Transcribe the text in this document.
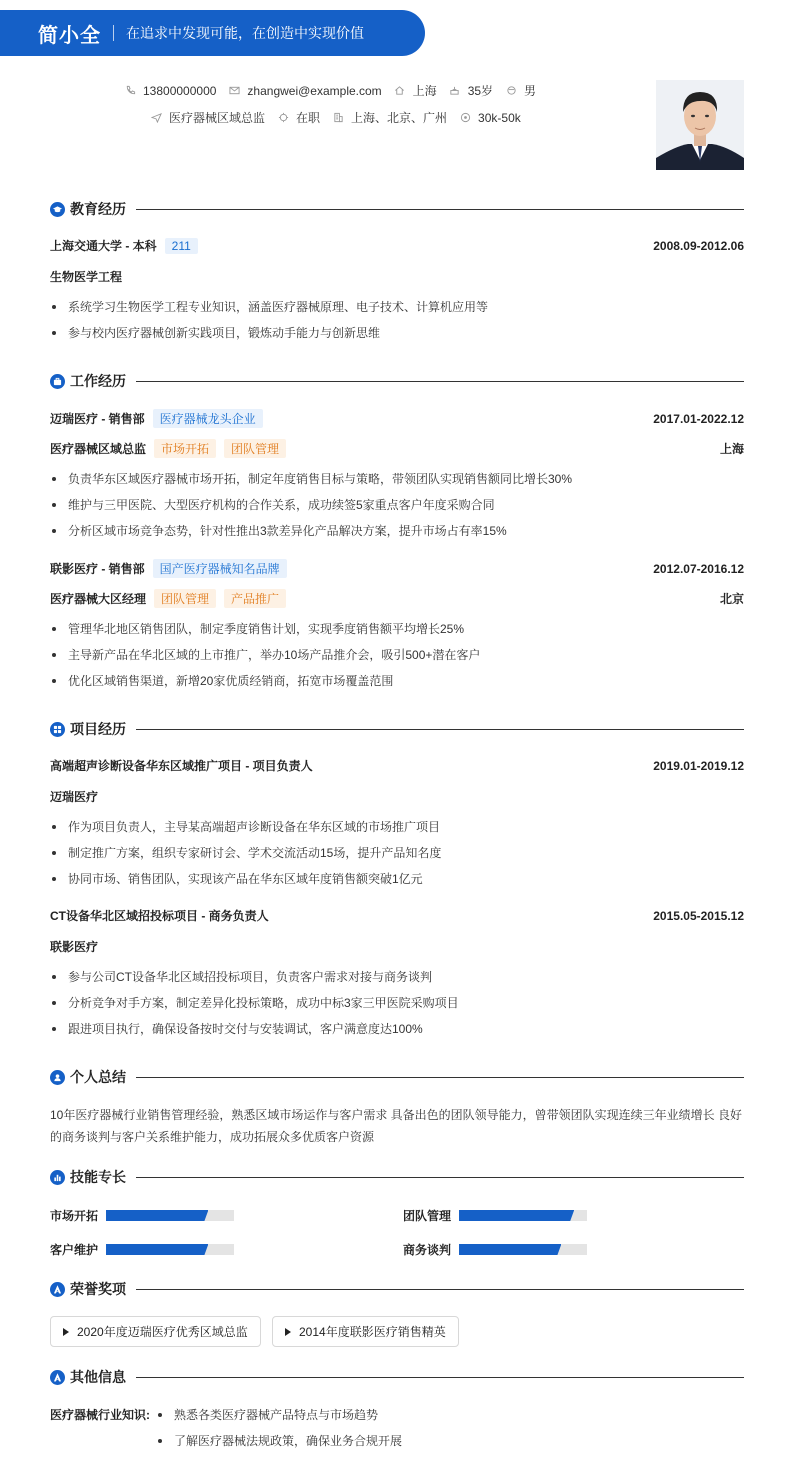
简小全 在追求中发现可能，在创造中实现价值
13800000000	zhangwei@example.com	上海	35岁	男
医疗器械区域总监	在职	上海、北京、广州	30k-50k
教育经历
上海交通大学 - 本科	211	2008.09-2012.06
生物医学工程
系统学习生物医学工程专业知识，涵盖医疗器械原理、电子技术、计算机应用等
参与校内医疗器械创新实践项目，锻炼动手能力与创新思维
工作经历
迈瑞医疗 - 销售部	医疗器械龙头企业	2017.01-2022.12
医疗器械区域总监	市场开拓	团队管理	上海
负责华东区域医疗器械市场开拓，制定年度销售目标与策略，带领团队实现销售额同比增长30%
维护与三甲医院、大型医疗机构的合作关系，成功续签5家重点客户年度采购合同
分析区域市场竞争态势，针对性推出3款差异化产品解决方案，提升市场占有率15%
联影医疗 - 销售部	国产医疗器械知名品牌	2012.07-2016.12
医疗器械大区经理	团队管理	产品推广	北京
管理华北地区销售团队，制定季度销售计划，实现季度销售额平均增长25%
主导新产品在华北区域的上市推广，举办10场产品推介会，吸引500+潜在客户
优化区域销售渠道，新增20家优质经销商，拓宽市场覆盖范围
项目经历
高端超声诊断设备华东区域推广项目 - 项目负责人	2019.01-2019.12
迈瑞医疗
作为项目负责人，主导某高端超声诊断设备在华东区域的市场推广项目
制定推广方案，组织专家研讨会、学术交流活动15场，提升产品知名度
协同市场、销售团队，实现该产品在华东区域年度销售额突破1亿元
CT设备华北区域招投标项目 - 商务负责人	2015.05-2015.12
联影医疗
参与公司CT设备华北区域招投标项目，负责客户需求对接与商务谈判
分析竞争对手方案，制定差异化投标策略，成功中标3家三甲医院采购项目
跟进项目执行，确保设备按时交付与安装调试，客户满意度达100%
个人总结
10年医疗器械行业销售管理经验，熟悉区域市场运作与客户需求 具备出色的团队领导能力，曾带领团队实现连续三年业绩增长 良好的商务谈判与客户关系维护能力，成功拓展众多优质客户资源
技能专长
市场开拓	团队管理
客户维护	商务谈判
荣誉奖项
2020年度迈瑞医疗优秀区域总监	2014年度联影医疗销售精英
其他信息
医疗器械行业知识:	熟悉各类医疗器械产品特点与市场趋势
了解医疗器械法规政策，确保业务合规开展
